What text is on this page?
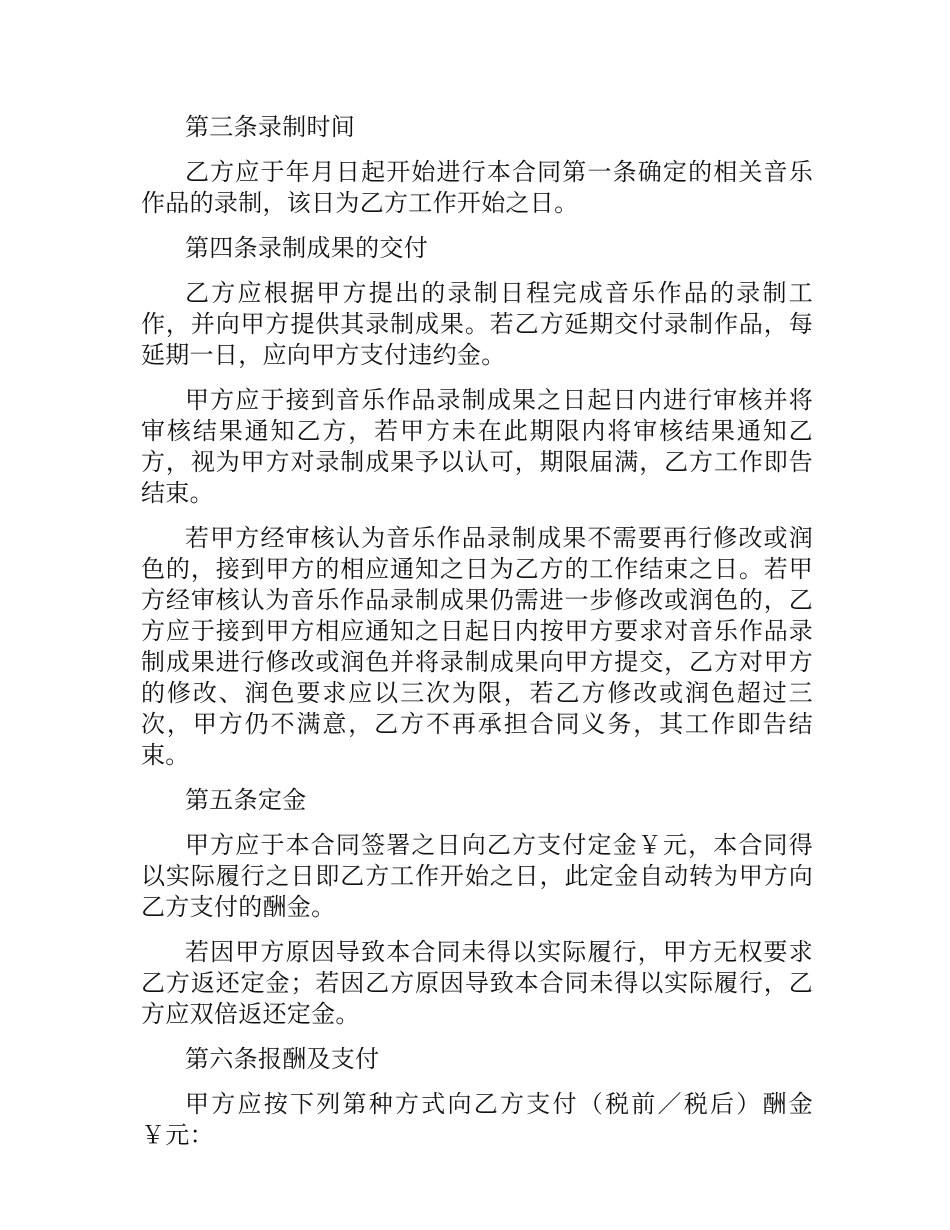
第三条录制时间

乙方应于年月日起开始进行本合同第一条确定的相关音乐作品的录制，该日为乙方工作开始之日。

第四条录制成果的交付

乙方应根据甲方提出的录制日程完成音乐作品的录制工作，并向甲方提供其录制成果。若乙方延期交付录制作品，每延期一日，应向甲方支付违约金。

甲方应于接到音乐作品录制成果之日起日内进行审核并将审核结果通知乙方，若甲方未在此期限内将审核结果通知乙方，视为甲方对录制成果予以认可，期限届满，乙方工作即告结束。

若甲方经审核认为音乐作品录制成果不需要再行修改或润色的，接到甲方的相应通知之日为乙方的工作结束之日。若甲方经审核认为音乐作品录制成果仍需进一步修改或润色的，乙方应于接到甲方相应通知之日起日内按甲方要求对音乐作品录制成果进行修改或润色并将录制成果向甲方提交，乙方对甲方的修改、润色要求应以三次为限，若乙方修改或润色超过三次，甲方仍不满意，乙方不再承担合同义务，其工作即告结束。

第五条定金

甲方应于本合同签署之日向乙方支付定金￥元，本合同得以实际履行之日即乙方工作开始之日，此定金自动转为甲方向乙方支付的酬金。

若因甲方原因导致本合同未得以实际履行，甲方无权要求乙方返还定金；若因乙方原因导致本合同未得以实际履行，乙方应双倍返还定金。

第六条报酬及支付

甲方应按下列第种方式向乙方支付（税前／税后）酬金￥元：
